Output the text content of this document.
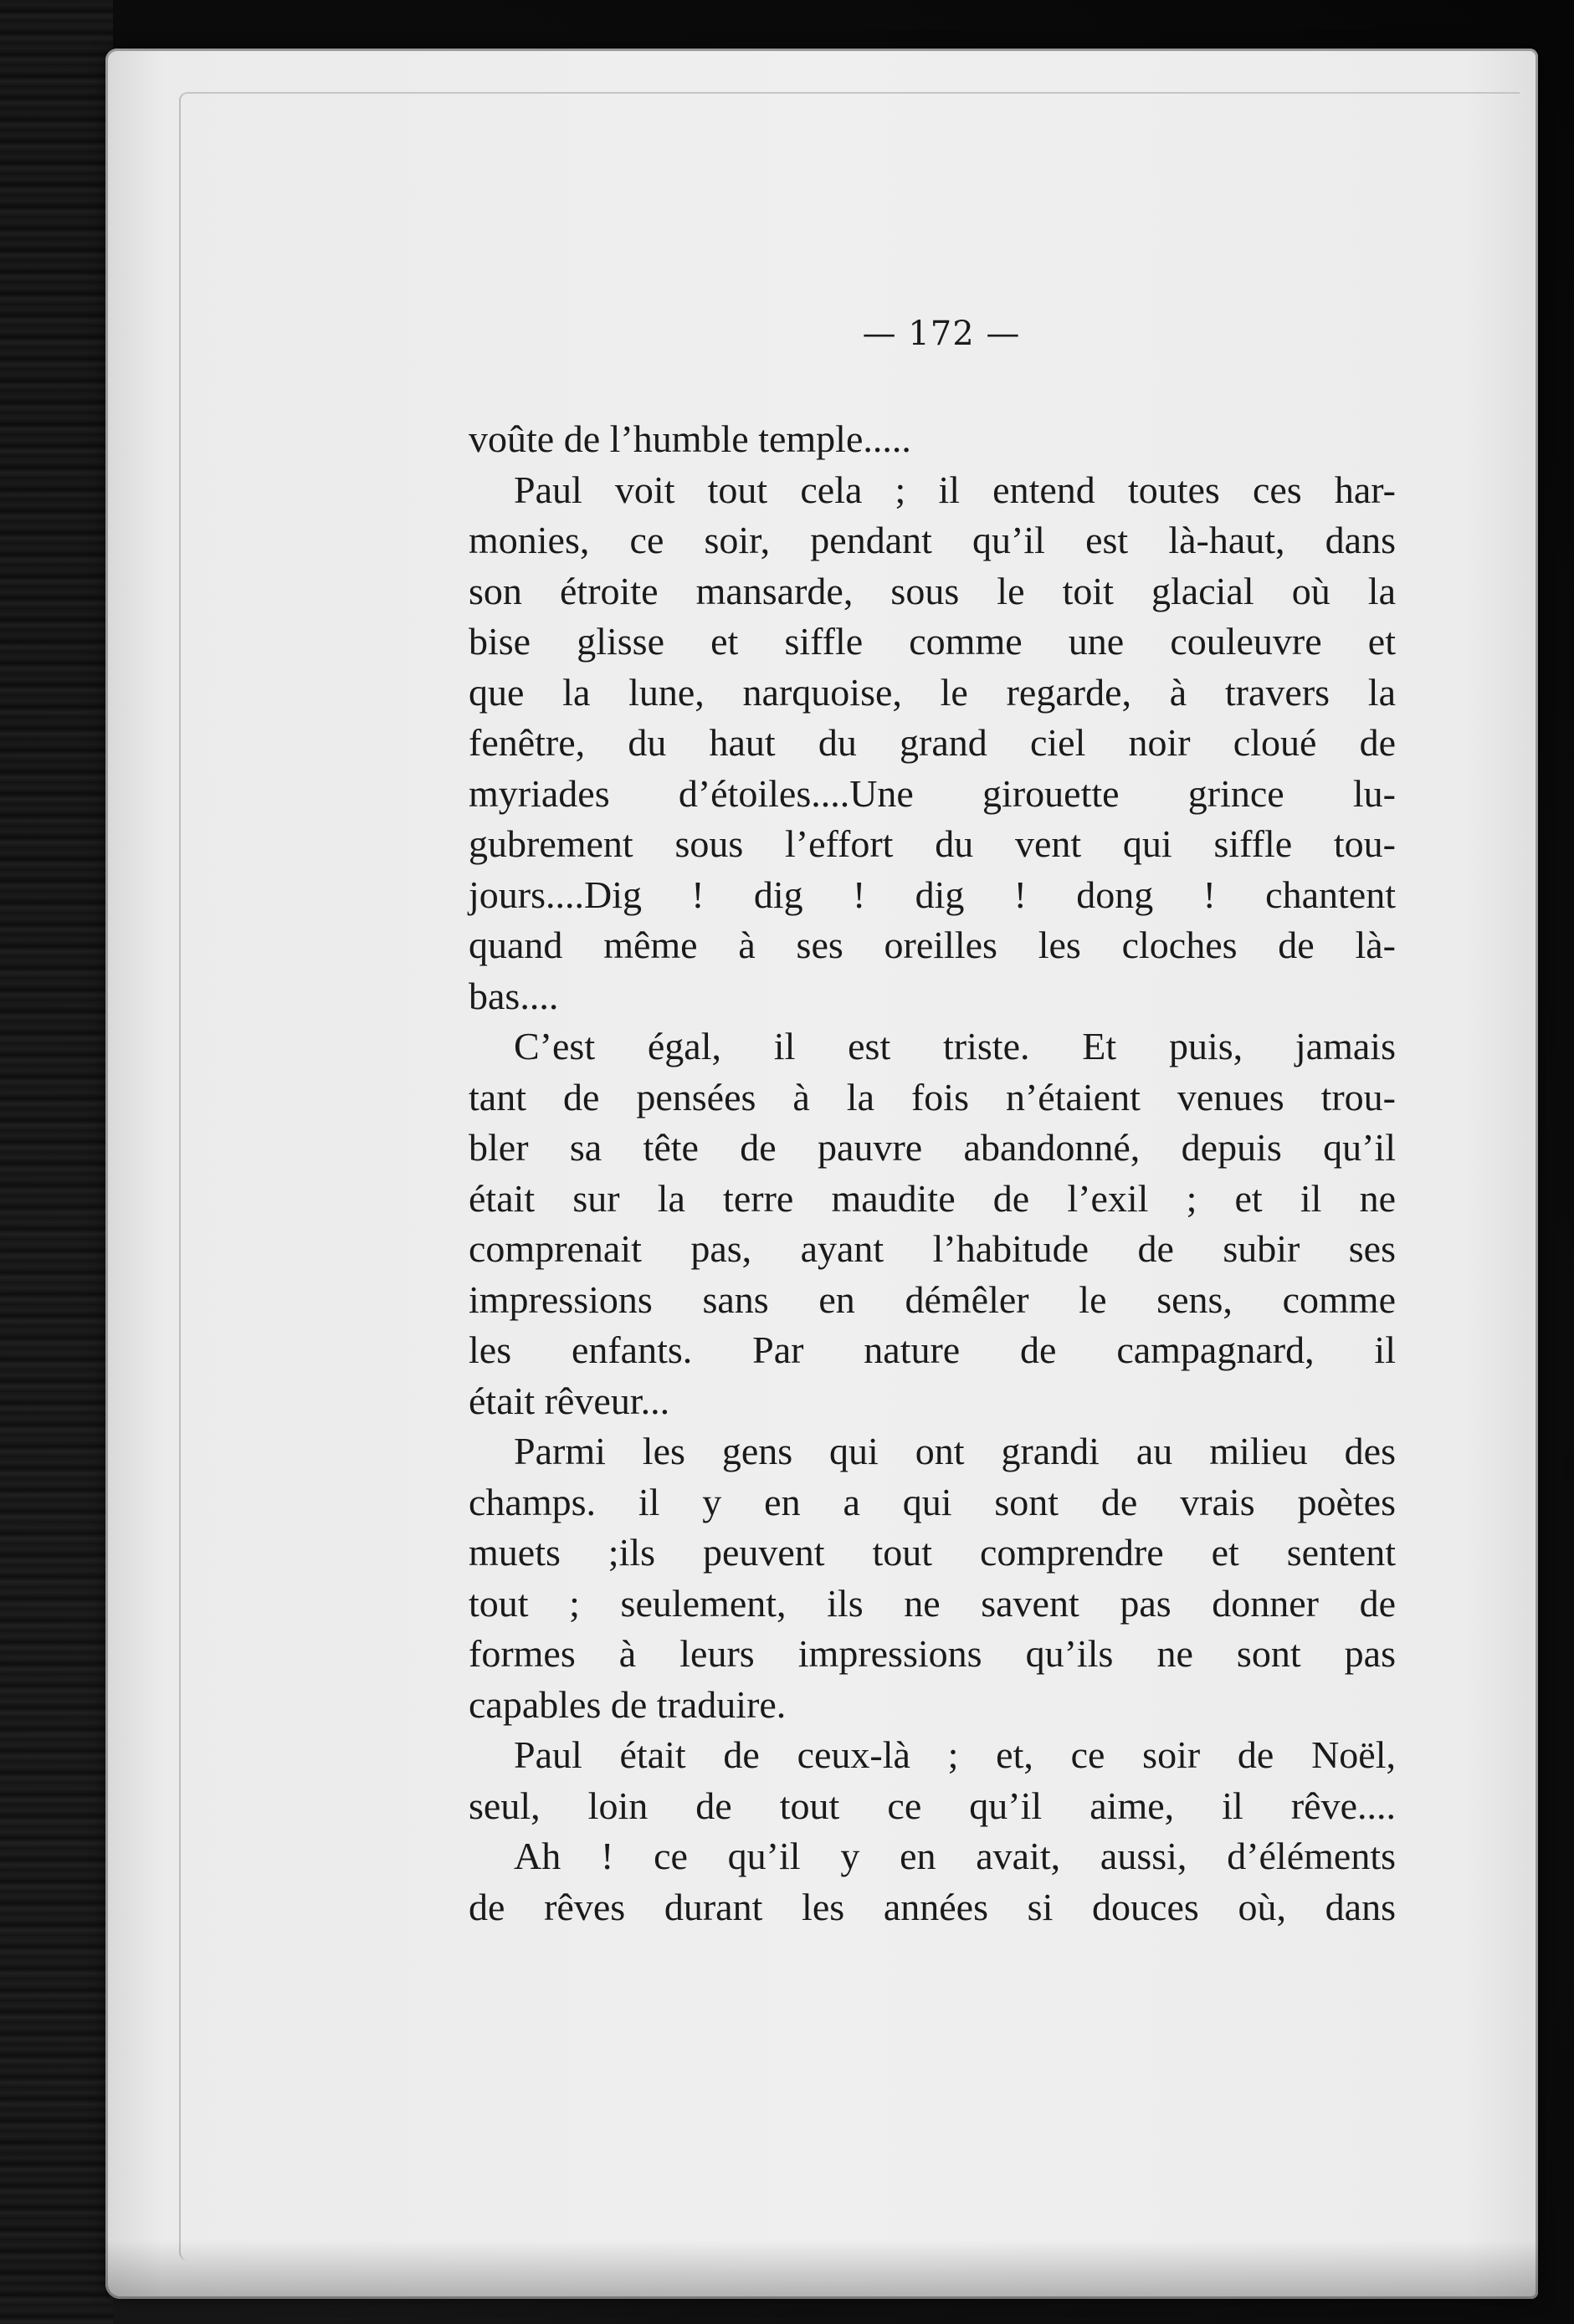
— 172 —
voûte de l’humble temple.....
Paul voit tout cela ; il entend toutes ces har-
monies, ce soir, pendant qu’il est là-haut, dans
son étroite mansarde, sous le toit glacial où la
bise glisse et siffle comme une couleuvre et
que la lune, narquoise, le regarde, à travers la
fenêtre, du haut du grand ciel noir cloué de
myriades d’étoiles....Une girouette grince lu-
gubrement sous l’effort du vent qui siffle tou-
jours....Dig ! dig ! dig ! dong ! chantent
quand même à ses oreilles les cloches de là-
bas....
C’est égal, il est triste. Et puis, jamais
tant de pensées à la fois n’étaient venues trou-
bler sa tête de pauvre abandonné, depuis qu’il
était sur la terre maudite de l’exil ; et il ne
comprenait pas, ayant l’habitude de subir ses
impressions sans en démêler le sens, comme
les enfants. Par nature de campagnard, il
était rêveur...
Parmi les gens qui ont grandi au milieu des
champs. il y en a qui sont de vrais poètes
muets ;ils peuvent tout comprendre et sentent
tout ; seulement, ils ne savent pas donner de
formes à leurs impressions qu’ils ne sont pas
capables de traduire.
Paul était de ceux-là ; et, ce soir de Noël,
seul, loin de tout ce qu’il aime, il rêve....
Ah ! ce qu’il y en avait, aussi, d’éléments
de rêves durant les années si douces où, dans
